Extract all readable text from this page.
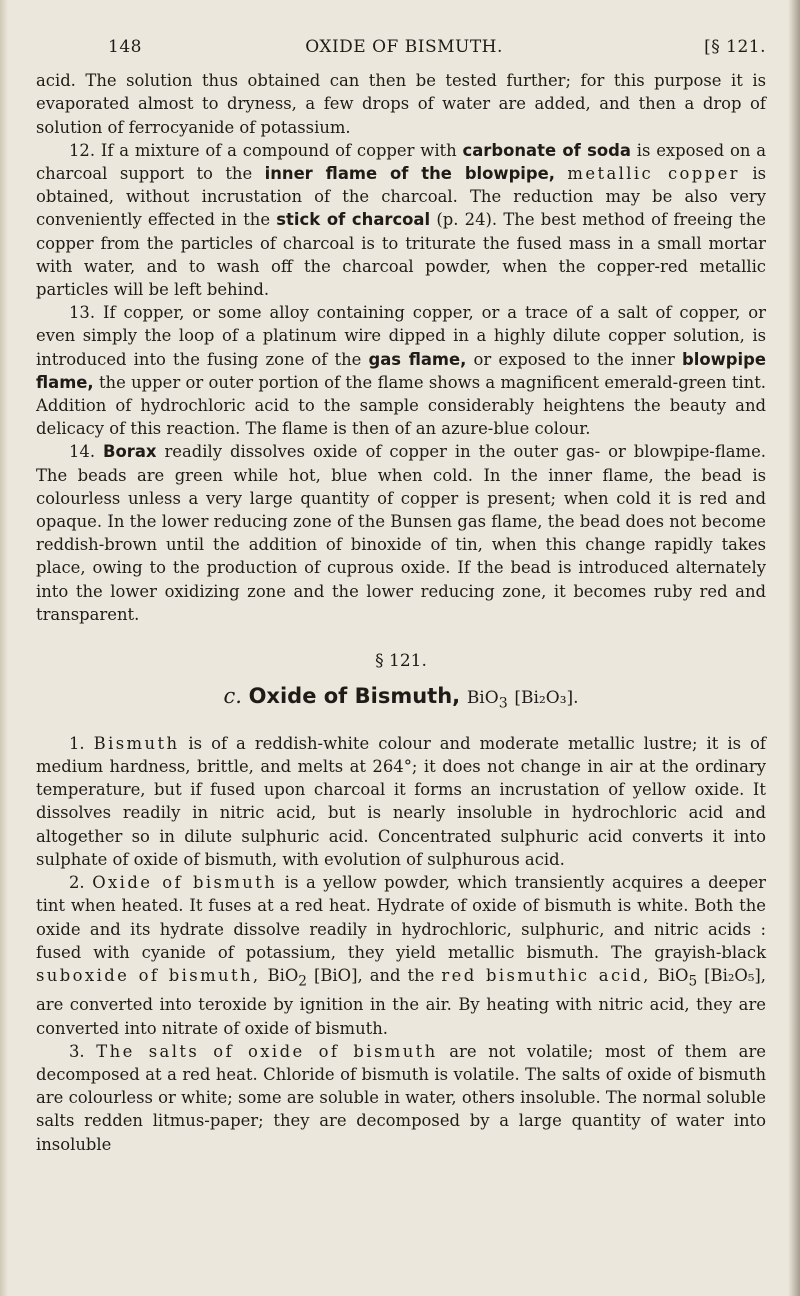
148	OXIDE OF BISMUTH.	[§ 121.

acid. The solution thus obtained can then be tested further; for this purpose it is evaporated almost to dryness, a few drops of water are added, and then a drop of solution of ferrocyanide of potassium.

12. If a mixture of a compound of copper with carbonate of soda is exposed on a charcoal support to the inner flame of the blowpipe, metallic copper is obtained, without incrustation of the charcoal. The reduction may be also very conveniently effected in the stick of charcoal (p. 24). The best method of freeing the copper from the particles of charcoal is to triturate the fused mass in a small mortar with water, and to wash off the charcoal powder, when the copper-red metallic particles will be left behind.

13. If copper, or some alloy containing copper, or a trace of a salt of copper, or even simply the loop of a platinum wire dipped in a highly dilute copper solution, is introduced into the fusing zone of the gas flame, or exposed to the inner blowpipe flame, the upper or outer portion of the flame shows a magnificent emerald-green tint. Addition of hydrochloric acid to the sample considerably heightens the beauty and delicacy of this reaction. The flame is then of an azure-blue colour.

14. Borax readily dissolves oxide of copper in the outer gas- or blowpipe-flame. The beads are green while hot, blue when cold. In the inner flame, the bead is colourless unless a very large quantity of copper is present; when cold it is red and opaque. In the lower reducing zone of the Bunsen gas flame, the bead does not become reddish-brown until the addition of binoxide of tin, when this change rapidly takes place, owing to the production of cuprous oxide. If the bead is introduced alternately into the lower oxidizing zone and the lower reducing zone, it becomes ruby red and transparent.

§ 121.
c. Oxide of Bismuth, BiO$_3$ [Bi₂O₃].

1. Bismuth is of a reddish-white colour and moderate metallic lustre; it is of medium hardness, brittle, and melts at 264°; it does not change in air at the ordinary temperature, but if fused upon charcoal it forms an incrustation of yellow oxide. It dissolves readily in nitric acid, but is nearly insoluble in hydrochloric acid and altogether so in dilute sulphuric acid. Concentrated sulphuric acid converts it into sulphate of oxide of bismuth, with evolution of sulphurous acid.

2. Oxide of bismuth is a yellow powder, which transiently acquires a deeper tint when heated. It fuses at a red heat. Hydrate of oxide of bismuth is white. Both the oxide and its hydrate dissolve readily in hydrochloric, sulphuric, and nitric acids : fused with cyanide of potassium, they yield metallic bismuth. The grayish-black suboxide of bismuth, BiO$_2$ [BiO], and the red bismuthic acid, BiO$_5$ [Bi₂O₅], are converted into teroxide by ignition in the air. By heating with nitric acid, they are converted into nitrate of oxide of bismuth.

3. The salts of oxide of bismuth are not volatile; most of them are decomposed at a red heat. Chloride of bismuth is volatile. The salts of oxide of bismuth are colourless or white; some are soluble in water, others insoluble. The normal soluble salts redden litmus-paper; they are decomposed by a large quantity of water into insoluble
